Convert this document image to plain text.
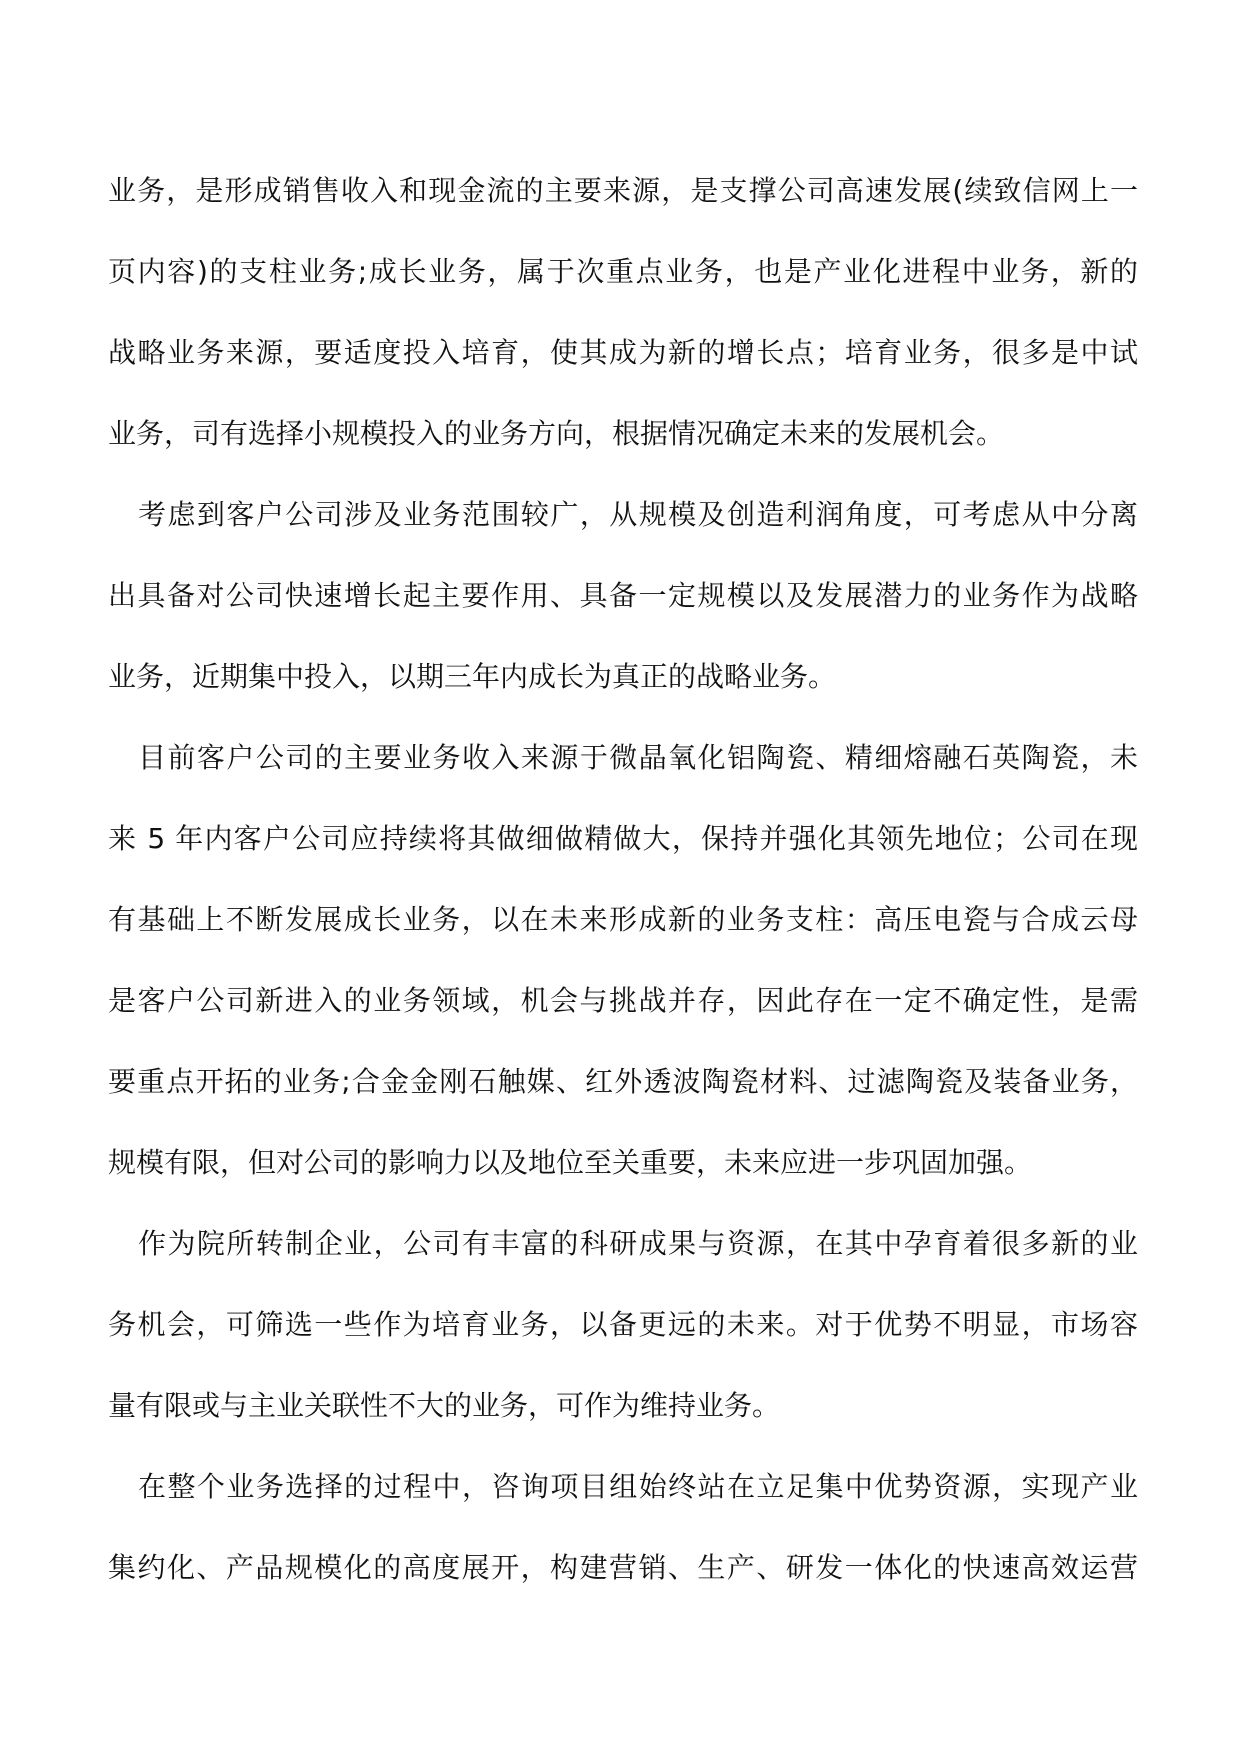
业务，是形成销售收入和现金流的主要来源，是支撑公司高速发展(续致信网上一
页内容)的支柱业务;成长业务，属于次重点业务，也是产业化进程中业务，新的
战略业务来源，要适度投入培育，使其成为新的增长点；培育业务，很多是中试
业务，司有选择小规模投入的业务方向，根据情况确定未来的发展机会。
考虑到客户公司涉及业务范围较广，从规模及创造利润角度，可考虑从中分离
出具备对公司快速增长起主要作用、具备一定规模以及发展潜力的业务作为战略
业务，近期集中投入，以期三年内成长为真正的战略业务。
目前客户公司的主要业务收入来源于微晶氧化铝陶瓷、精细熔融石英陶瓷，未
来 5 年内客户公司应持续将其做细做精做大，保持并强化其领先地位；公司在现
有基础上不断发展成长业务，以在未来形成新的业务支柱：高压电瓷与合成云母
是客户公司新进入的业务领域，机会与挑战并存，因此存在一定不确定性，是需
要重点开拓的业务;合金金刚石触媒、红外透波陶瓷材料、过滤陶瓷及装备业务，
规模有限，但对公司的影响力以及地位至关重要，未来应进一步巩固加强。
作为院所转制企业，公司有丰富的科研成果与资源，在其中孕育着很多新的业
务机会，可筛选一些作为培育业务，以备更远的未来。对于优势不明显，市场容
量有限或与主业关联性不大的业务，可作为维持业务。
在整个业务选择的过程中，咨询项目组始终站在立足集中优势资源，实现产业
集约化、产品规模化的高度展开，构建营销、生产、研发一体化的快速高效运营
